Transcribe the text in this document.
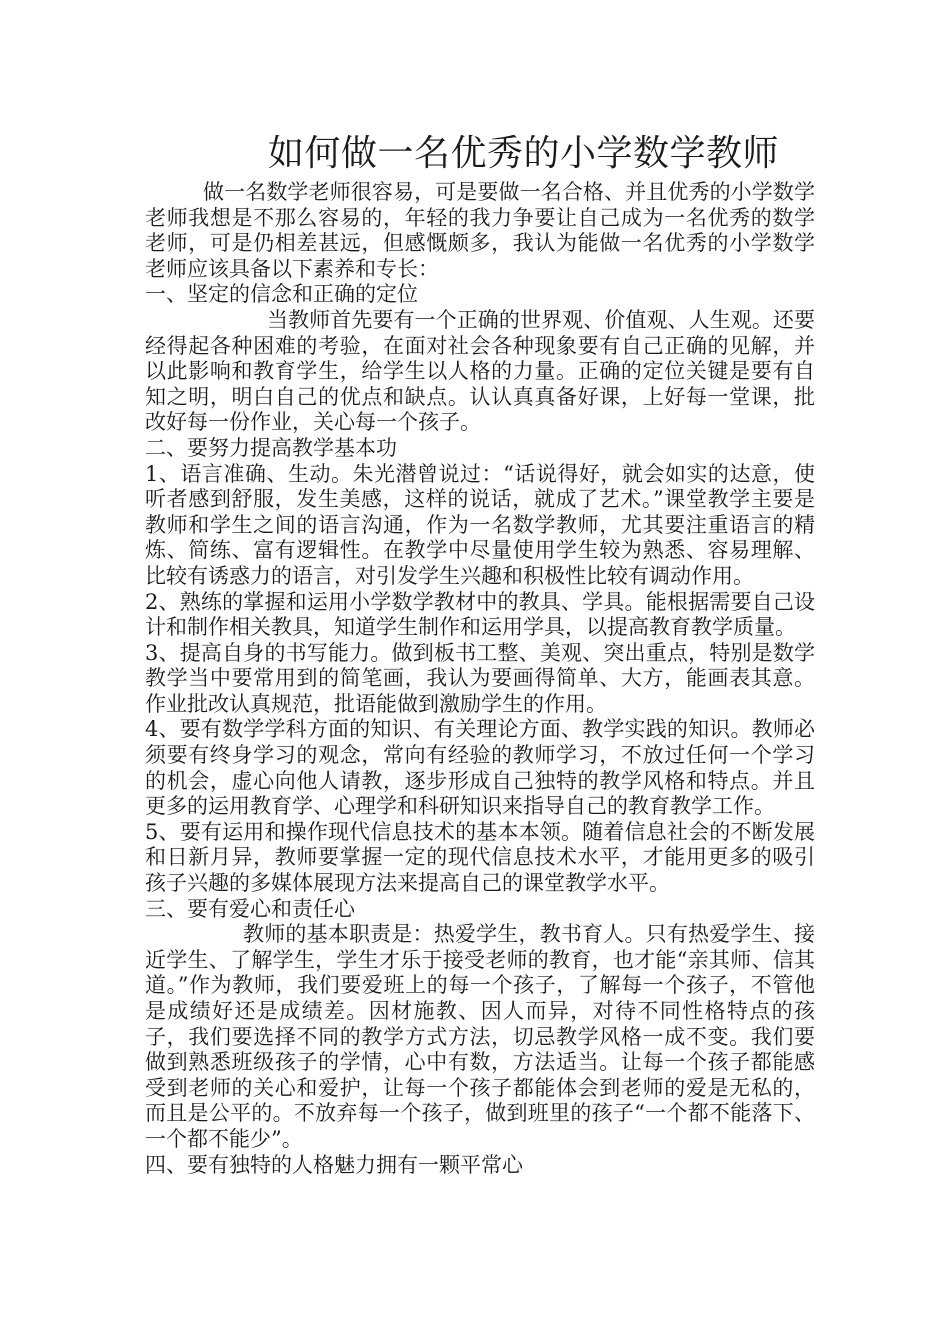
如何做一名优秀的小学数学教师

做一名数学老师很容易，可是要做一名合格、并且优秀的小学数学老师我想是不那么容易的，年轻的我力争要让自己成为一名优秀的数学老师，可是仍相差甚远，但感慨颇多，我认为能做一名优秀的小学数学老师应该具备以下素养和专长：

一、坚定的信念和正确的定位

当教师首先要有一个正确的世界观、价值观、人生观。还要经得起各种困难的考验，在面对社会各种现象要有自己正确的见解，并以此影响和教育学生，给学生以人格的力量。正确的定位关键是要有自知之明，明白自己的优点和缺点。认认真真备好课，上好每一堂课，批改好每一份作业，关心每一个孩子。

二、要努力提高教学基本功

1、语言准确、生动。朱光潜曾说过：“话说得好，就会如实的达意，使听者感到舒服，发生美感，这样的说话，就成了艺术。”课堂教学主要是教师和学生之间的语言沟通，作为一名数学教师，尤其要注重语言的精炼、简练、富有逻辑性。在教学中尽量使用学生较为熟悉、容易理解、比较有诱惑力的语言，对引发学生兴趣和积极性比较有调动作用。

2、熟练的掌握和运用小学数学教材中的教具、学具。能根据需要自己设计和制作相关教具，知道学生制作和运用学具，以提高教育教学质量。

3、提高自身的书写能力。做到板书工整、美观、突出重点，特别是数学教学当中要常用到的简笔画，我认为要画得简单、大方，能画表其意。作业批改认真规范，批语能做到激励学生的作用。

4、要有数学学科方面的知识、有关理论方面、教学实践的知识。教师必须要有终身学习的观念，常向有经验的教师学习，不放过任何一个学习的机会，虚心向他人请教，逐步形成自己独特的教学风格和特点。并且更多的运用教育学、心理学和科研知识来指导自己的教育教学工作。

5、要有运用和操作现代信息技术的基本本领。随着信息社会的不断发展和日新月异，教师要掌握一定的现代信息技术水平，才能用更多的吸引孩子兴趣的多媒体展现方法来提高自己的课堂教学水平。

三、要有爱心和责任心

教师的基本职责是：热爱学生，教书育人。只有热爱学生、接近学生、了解学生，学生才乐于接受老师的教育，也才能“亲其师、信其道。”作为教师，我们要爱班上的每一个孩子，了解每一个孩子，不管他是成绩好还是成绩差。因材施教、因人而异，对待不同性格特点的孩子，我们要选择不同的教学方式方法，切忌教学风格一成不变。我们要做到熟悉班级孩子的学情，心中有数，方法适当。让每一个孩子都能感受到老师的关心和爱护，让每一个孩子都能体会到老师的爱是无私的，而且是公平的。不放弃每一个孩子，做到班里的孩子“一个都不能落下、一个都不能少”。

四、要有独特的人格魅力拥有一颗平常心
